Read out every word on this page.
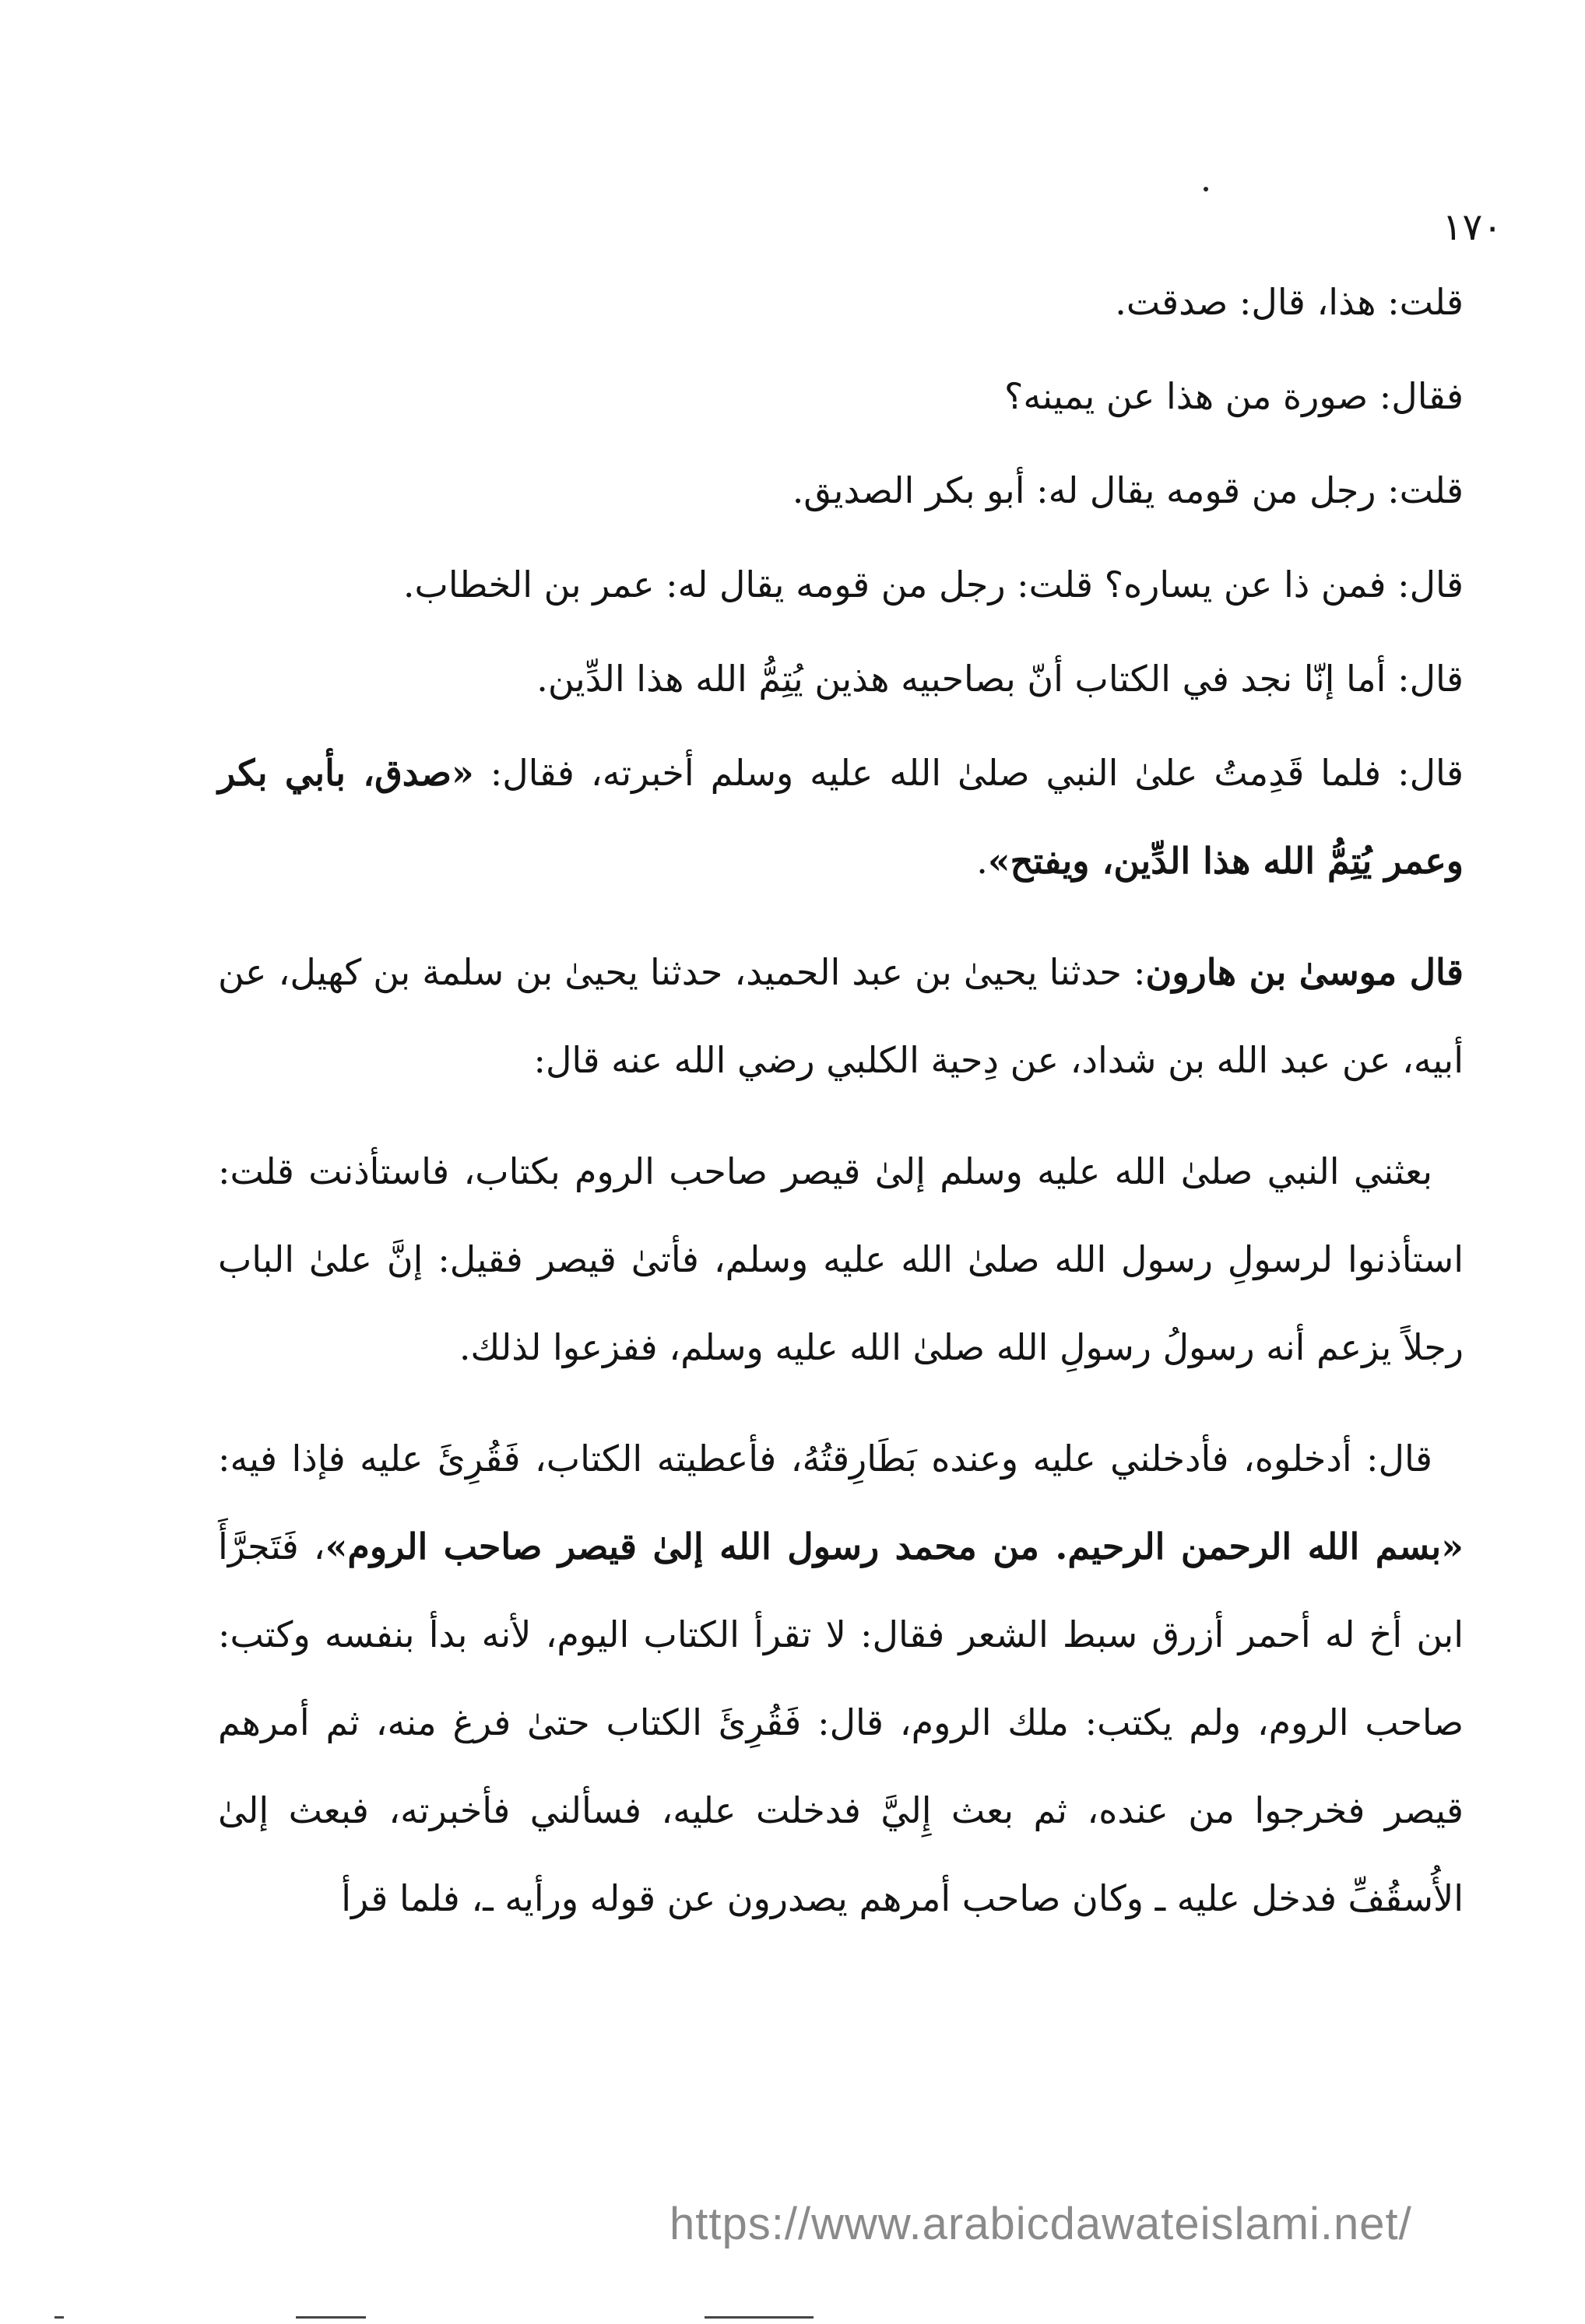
١٧٠

قلت: هذا، قال: صدقت.

فقال: صورة من هذا عن يمينه؟

قلت: رجل من قومه يقال له: أبو بكر الصديق.

قال: فمن ذا عن يساره؟ قلت: رجل من قومه يقال له: عمر بن الخطاب.

قال: أما إنّا نجد في الكتاب أنّ بصاحبيه هذين يُتِمُّ الله هذا الدِّين.

قال: فلما قَدِمتُ علىٰ النبي صلىٰ الله عليه وسلم أخبرته، فقال: «صدق، بأبي بكر وعمر يُتِمُّ الله هذا الدِّين، ويفتح».

قال موسىٰ بن هارون: حدثنا يحيىٰ بن عبد الحميد، حدثنا يحيىٰ بن سلمة بن كهيل، عن أبيه، عن عبد الله بن شداد، عن دِحية الكلبي رضي الله عنه قال:

بعثني النبي صلىٰ الله عليه وسلم إلىٰ قيصر صاحب الروم بكتاب، فاستأذنت قلت: استأذنوا لرسولِ رسول الله صلىٰ الله عليه وسلم، فأتىٰ قيصر فقيل: إنَّ علىٰ الباب رجلاً يزعم أنه رسولُ رسولِ الله صلىٰ الله عليه وسلم، ففزعوا لذلك.

قال: أدخلوه، فأدخلني عليه وعنده بَطَارِقتُهُ، فأعطيته الكتاب، فَقُرِئَ عليه فإذا فيه: «بسم الله الرحمن الرحيم. من محمد رسول الله إلىٰ قيصر صاحب الروم»، فَتَجرَّأَ ابن أخ له أحمر أزرق سبط الشعر فقال: لا تقرأ الكتاب اليوم، لأنه بدأ بنفسه وكتب: صاحب الروم، ولم يكتب: ملك الروم، قال: فَقُرِئَ الكتاب حتىٰ فرغ منه، ثم أمرهم قيصر فخرجوا من عنده، ثم بعث إِليَّ فدخلت عليه، فسألني فأخبرته، فبعث إلىٰ الأُسقُفِّ فدخل عليه ـ وكان صاحب أمرهم يصدرون عن قوله ورأيه ـ، فلما قرأ

https://www.arabicdawateislami.net/
